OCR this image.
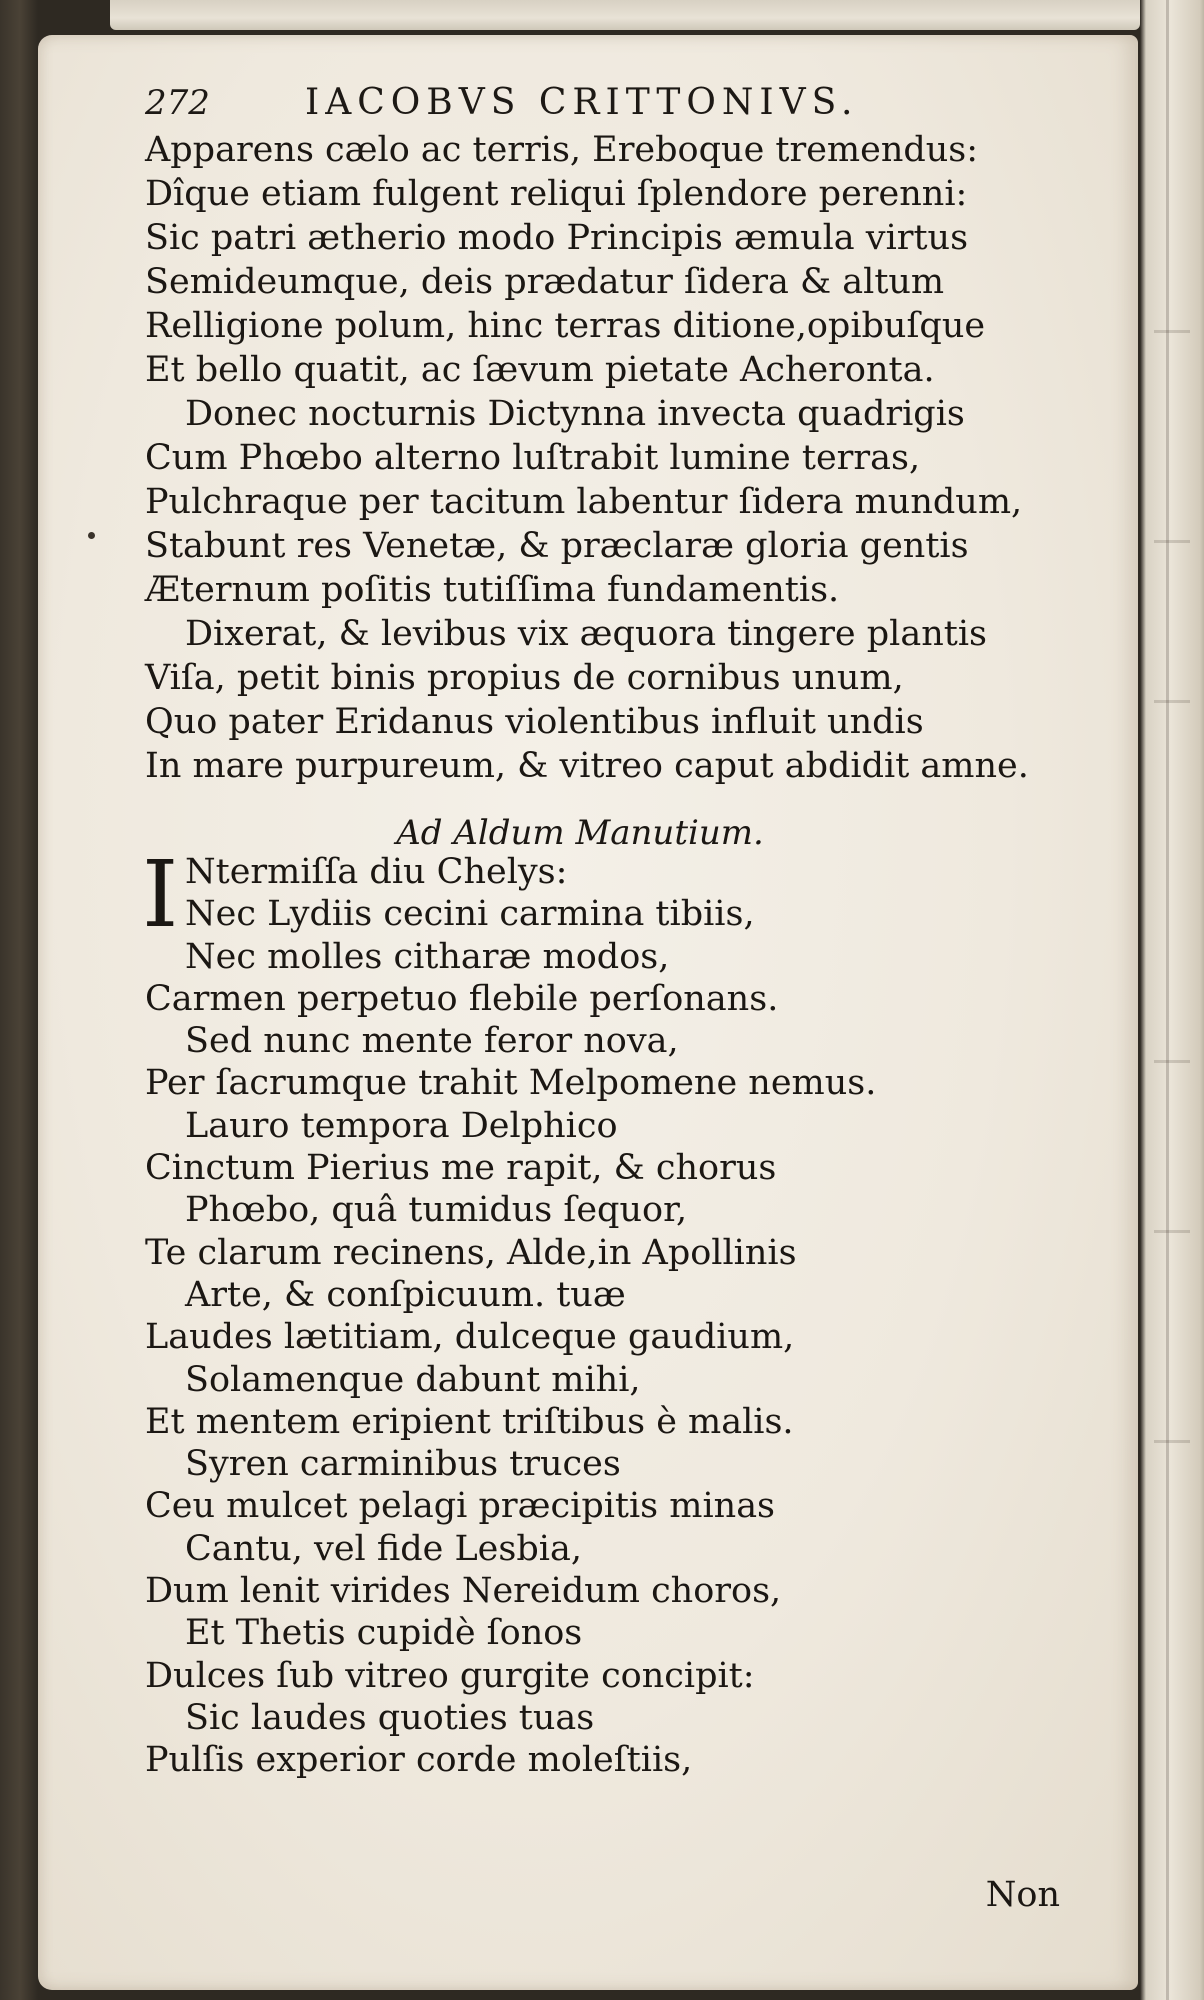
272	IACOBVS CRITTONIVS.
Apparens cælo ac terris, Ereboque tremendus:
Dîque etiam fulgent reliqui ſplendore perenni:
Sic patri ætherio modo Principis æmula virtus
Semideumque, deis prædatur ſidera & altum
Relligione polum, hinc terras ditione,opibuſque
Et bello quatit, ac ſævum pietate Acheronta.
Donec nocturnis Dictynna invecta quadrigis
Cum Phœbo alterno luſtrabit lumine terras,
Pulchraque per tacitum labentur ſidera mundum,
Stabunt res Venetæ, & præclaræ gloria gentis
Æternum poſitis tutiſſima fundamentis.
Dixerat, & levibus vix æquora tingere plantis
Viſa, petit binis propius de cornibus unum,
Quo pater Eridanus violentibus influit undis
In mare purpureum, & vitreo caput abdidit amne.
Ad Aldum Manutium.
I Ntermiſſa diu Chelys:
Nec Lydiis cecini carmina tibiis,
Nec molles citharæ modos,
Carmen perpetuo flebile perſonans.
Sed nunc mente feror nova,
Per ſacrumque trahit Melpomene nemus.
Lauro tempora Delphico
Cinctum Pierius me rapit, & chorus
Phœbo, quâ tumidus ſequor,
Te clarum recinens, Alde,in Apollinis
Arte, & conſpicuum. tuæ
Laudes lætitiam, dulceque gaudium,
Solamenque dabunt mihi,
Et mentem eripient triſtibus è malis.
Syren carminibus truces
Ceu mulcet pelagi præcipitis minas
Cantu, vel fide Lesbia,
Dum lenit virides Nereidum choros,
Et Thetis cupidè ſonos
Dulces ſub vitreo gurgite concipit:
Sic laudes quoties tuas
Pulſis experior corde moleſtiis,
Non
